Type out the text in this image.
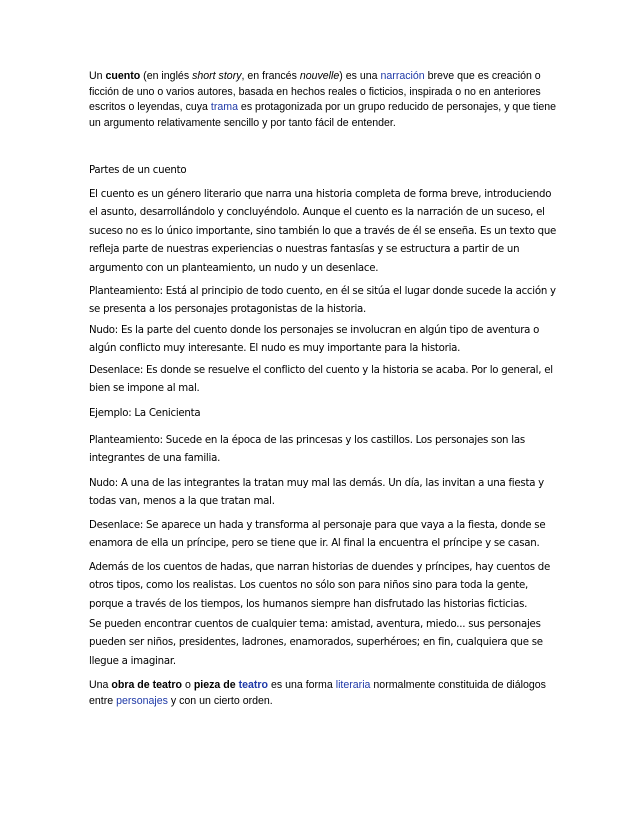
Un cuento (en inglés short story, en francés nouvelle) es una narración breve que es creación o ficción de uno o varios autores, basada en hechos reales o ficticios, inspirada o no en anteriores escritos o leyendas, cuya trama es protagonizada por un grupo reducido de personajes, y que tiene un argumento relativamente sencillo y por tanto fácil de entender.

Partes de un cuento

El cuento es un género literario que narra una historia completa de forma breve, introduciendo el asunto, desarrollándolo y concluyéndolo. Aunque el cuento es la narración de un suceso, el suceso no es lo único importante, sino también lo que a través de él se enseña. Es un texto que refleja parte de nuestras experiencias o nuestras fantasías y se estructura a partir de un argumento con un planteamiento, un nudo y un desenlace.

Planteamiento: Está al principio de todo cuento, en él se sitúa el lugar donde sucede la acción y se presenta a los personajes protagonistas de la historia.

Nudo: Es la parte del cuento donde los personajes se involucran en algún tipo de aventura o algún conflicto muy interesante. El nudo es muy importante para la historia.

Desenlace: Es donde se resuelve el conflicto del cuento y la historia se acaba. Por lo general, el bien se impone al mal.

Ejemplo: La Cenicienta

Planteamiento: Sucede en la época de las princesas y los castillos. Los personajes son las integrantes de una familia.

Nudo: A una de las integrantes la tratan muy mal las demás. Un día, las invitan a una fiesta y todas van, menos a la que tratan mal.

Desenlace: Se aparece un hada y transforma al personaje para que vaya a la fiesta, donde se enamora de ella un príncipe, pero se tiene que ir. Al final la encuentra el príncipe y se casan.

Además de los cuentos de hadas, que narran historias de duendes y príncipes, hay cuentos de otros tipos, como los realistas. Los cuentos no sólo son para niños sino para toda la gente, porque a través de los tiempos, los humanos siempre han disfrutado las historias ficticias.

Se pueden encontrar cuentos de cualquier tema: amistad, aventura, miedo... sus personajes pueden ser niños, presidentes, ladrones, enamorados, superhéroes; en fin, cualquiera que se llegue a imaginar.

Una obra de teatro o pieza de teatro es una forma literaria normalmente constituida de diálogos entre personajes y con un cierto orden.
